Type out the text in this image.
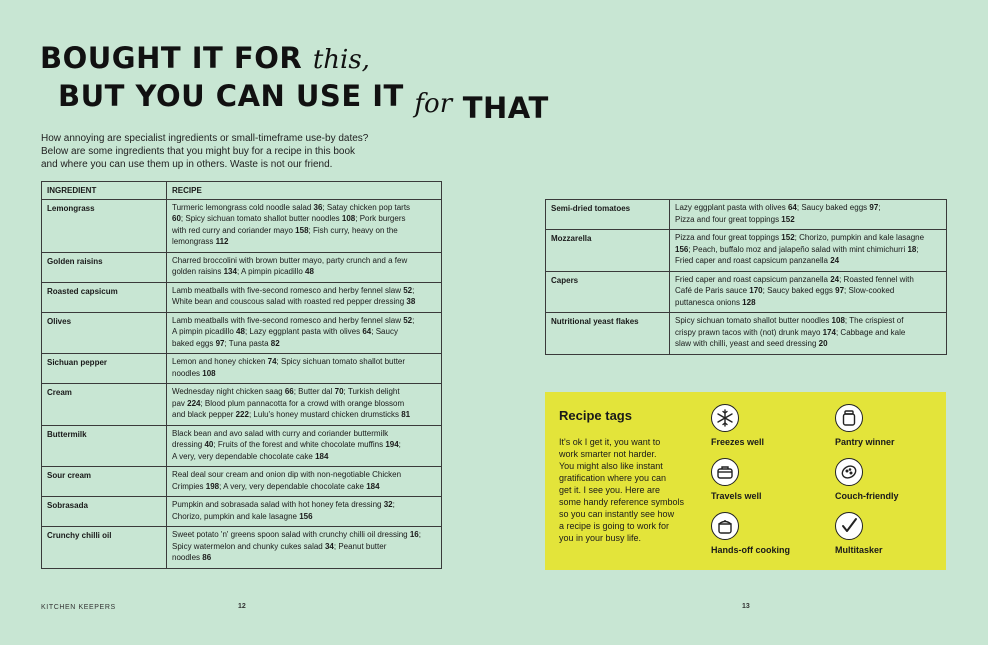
BOUGHT IT FOR this,
BUT YOU CAN USE IT for THAT
How annoying are specialist ingredients or small-timeframe use-by dates?
Below are some ingredients that you might buy for a recipe in this book
and where you can use them up in others. Waste is not our friend.
INGREDIENT	RECIPE
Lemongrass	Turmeric lemongrass cold noodle salad 36; Satay chicken pop tarts
60; Spicy sichuan tomato shallot butter noodles 108; Pork burgers
with red curry and coriander mayo 158; Fish curry, heavy on the
lemongrass 112

Golden raisins	Charred broccolini with brown butter mayo, party crunch and a few
golden raisins 134; A pimpin picadillo 48

Roasted capsicum	Lamb meatballs with five-second romesco and herby fennel slaw 52;
White bean and couscous salad with roasted red pepper dressing 38

Olives	Lamb meatballs with five-second romesco and herby fennel slaw 52;
A pimpin picadillo 48; Lazy eggplant pasta with olives 64; Saucy
baked eggs 97; Tuna pasta 82

Sichuan pepper	Lemon and honey chicken 74; Spicy sichuan tomato shallot butter
noodles 108

Cream	Wednesday night chicken saag 66; Butter dal 70; Turkish delight
pav 224; Blood plum pannacotta for a crowd with orange blossom
and black pepper 222; Lulu's honey mustard chicken drumsticks 81

Buttermilk	Black bean and avo salad with curry and coriander buttermilk
dressing 40; Fruits of the forest and white chocolate muffins 194;
A very, very dependable chocolate cake 184

Sour cream	Real deal sour cream and onion dip with non-negotiable Chicken
Crimpies 198; A very, very dependable chocolate cake 184

Sobrasada	Pumpkin and sobrasada salad with hot honey feta dressing 32;
Chorizo, pumpkin and kale lasagne 156

Crunchy chilli oil	Sweet potato 'n' greens spoon salad with crunchy chilli oil dressing 16;
Spicy watermelon and chunky cukes salad 34; Peanut butter
noodles 86
Semi-dried tomatoes	Lazy eggplant pasta with olives 64; Saucy baked eggs 97;
Pizza and four great toppings 152

Mozzarella	Pizza and four great toppings 152; Chorizo, pumpkin and kale lasagne
156; Peach, buffalo moz and jalapeño salad with mint chimichurri 18;
Fried caper and roast capsicum panzanella 24

Capers	Fried caper and roast capsicum panzanella 24; Roasted fennel with
Café de Paris sauce 170; Saucy baked eggs 97; Slow-cooked
puttanesca onions 128

Nutritional yeast flakes	Spicy sichuan tomato shallot butter noodles 108; The crispiest of
crispy prawn tacos with (not) drunk mayo 174; Cabbage and kale
slaw with chilli, yeast and seed dressing 20
Recipe tags
It's ok I get it, you want to
work smarter not harder.
You might also like instant
gratification where you can
get it. I see you. Here are
some handy reference symbols
so you can instantly see how
a recipe is going to work for
you in your busy life.
Freezes well	Pantry winner
Travels well	Couch-friendly
Hands-off cooking	Multitasker
KITCHEN KEEPERS	12	13
